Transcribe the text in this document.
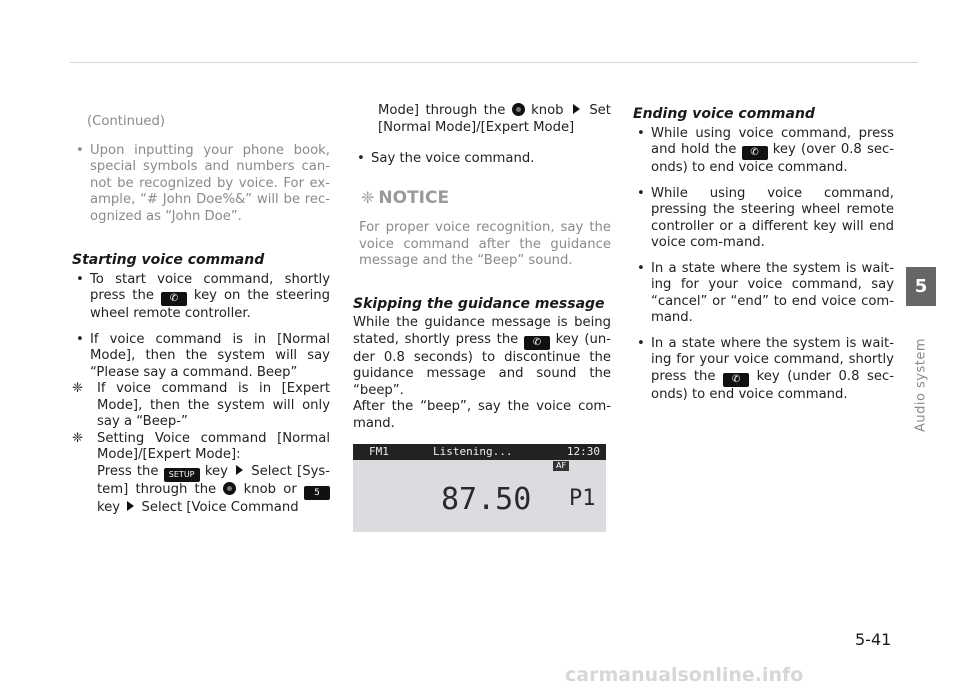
(Continued)
• Upon inputting your phone book, special symbols and numbers can-not be recognized by voice. For ex-ample, “# John Doe%&” will be rec-ognized as “John Doe”.
Starting voice command
• To start voice command, shortly press the ✆ key on the steering wheel remote controller.
• If voice command is in [Normal Mode], then the system will say “Please say a command. Beep”
❈ If voice command is in [Expert Mode], then the system will only say a “Beep-”
❈ Setting Voice command [Normal Mode]/[Expert Mode]:
Press the SETUP key Select [Sys-tem] through the knob or 5 key Select [Voice Command
Mode] through the knob Set [Normal Mode]/[Expert Mode]
• Say the voice command.
❈ NOTICE
For proper voice recognition, say the voice command after the guidance message and the “Beep” sound.
Skipping the guidance message
While the guidance message is being stated, shortly press the ✆ key (un-der 0.8 seconds) to discontinue the guidance message and sound the “beep”.
After the “beep”, say the voice com-mand.
FM1	Listening...	12:30
AF
87.50 P1
Ending voice command
• While using voice command, press and hold the ✆ key (over 0.8 sec-onds) to end voice command.
• While using voice command, pressing the steering wheel remote controller or a different key will end voice com-mand.
• In a state where the system is wait-ing for your voice command, say “cancel” or “end” to end voice com-mand.
• In a state where the system is wait-ing for your voice command, shortly press the ✆ key (under 0.8 sec-onds) to end voice command.
5
Audio system
5-41
carmanualsonline.info
